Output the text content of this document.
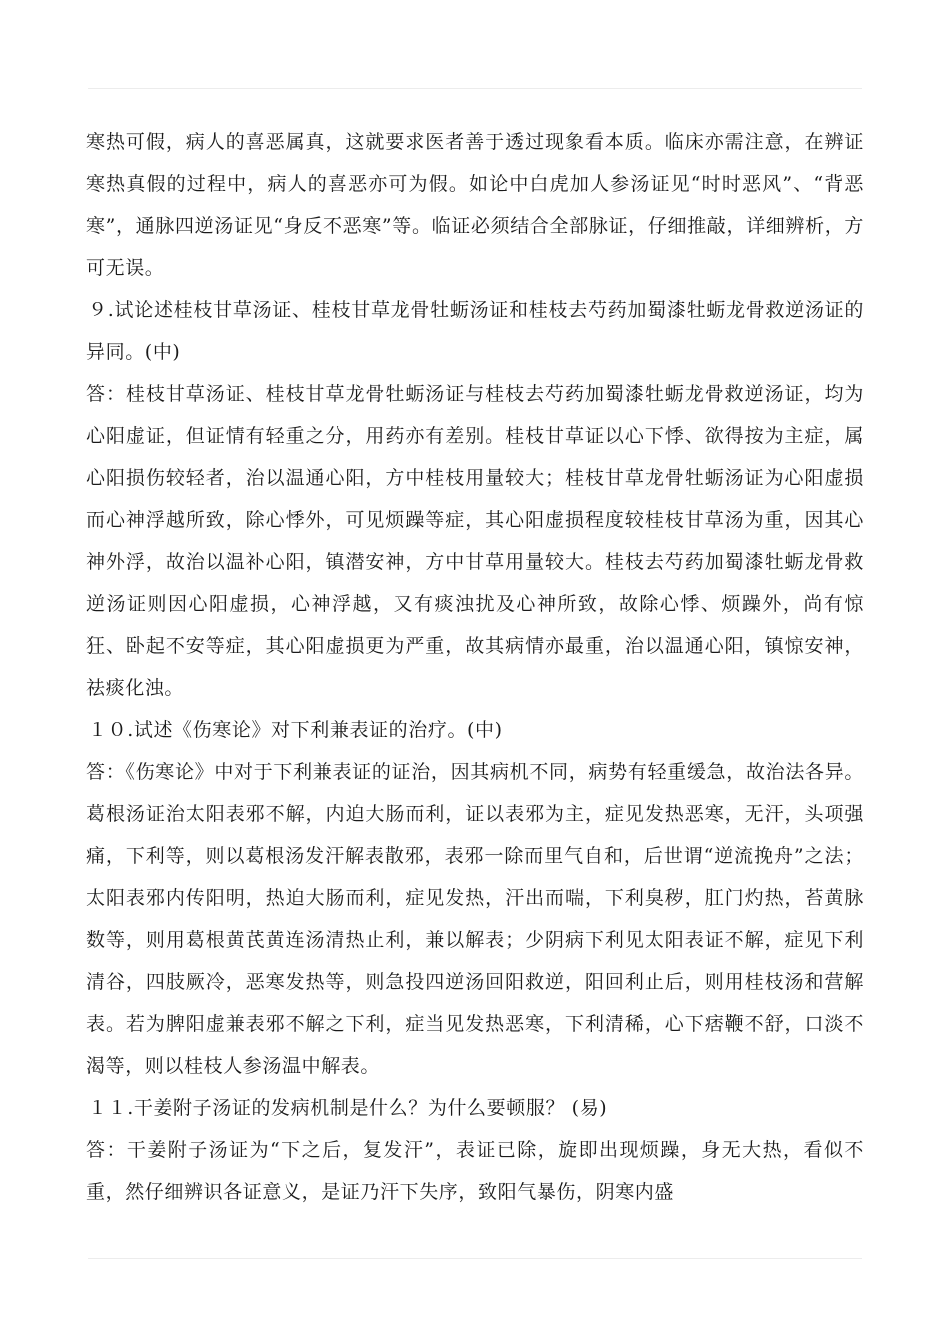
寒热可假，病人的喜恶属真，这就要求医者善于透过现象看本质。临床亦需注意，在辨证寒热真假的过程中，病人的喜恶亦可为假。如论中白虎加人参汤证见“时时恶风”、“背恶寒”，通脉四逆汤证见“身反不恶寒”等。临证必须结合全部脉证，仔细推敲，详细辨析，方可无误。

９.试论述桂枝甘草汤证、桂枝甘草龙骨牡蛎汤证和桂枝去芍药加蜀漆牡蛎龙骨救逆汤证的异同。(中)

答：桂枝甘草汤证、桂枝甘草龙骨牡蛎汤证与桂枝去芍药加蜀漆牡蛎龙骨救逆汤证，均为心阳虚证，但证情有轻重之分，用药亦有差别。桂枝甘草证以心下悸、欲得按为主症，属心阳损伤较轻者，治以温通心阳，方中桂枝用量较大；桂枝甘草龙骨牡蛎汤证为心阳虚损而心神浮越所致，除心悸外，可见烦躁等症，其心阳虚损程度较桂枝甘草汤为重，因其心神外浮，故治以温补心阳，镇潜安神，方中甘草用量较大。桂枝去芍药加蜀漆牡蛎龙骨救逆汤证则因心阳虚损，心神浮越，又有痰浊扰及心神所致，故除心悸、烦躁外，尚有惊狂、卧起不安等症，其心阳虚损更为严重，故其病情亦最重，治以温通心阳，镇惊安神，祛痰化浊。

１０.试述《伤寒论》对下利兼表证的治疗。(中)

答：《伤寒论》中对于下利兼表证的证治，因其病机不同，病势有轻重缓急，故治法各异。葛根汤证治太阳表邪不解，内迫大肠而利，证以表邪为主，症见发热恶寒，无汗，头项强痛，下利等，则以葛根汤发汗解表散邪，表邪一除而里气自和，后世谓“逆流挽舟”之法；太阳表邪内传阳明，热迫大肠而利，症见发热，汗出而喘，下利臭秽，肛门灼热，苔黄脉数等，则用葛根黄芪黄连汤清热止利，兼以解表；少阴病下利见太阳表证不解，症见下利清谷，四肢厥冷，恶寒发热等，则急投四逆汤回阳救逆，阳回利止后，则用桂枝汤和营解表。若为脾阳虚兼表邪不解之下利，症当见发热恶寒，下利清稀，心下痞鞭不舒，口淡不渴等，则以桂枝人参汤温中解表。

１１.干姜附子汤证的发病机制是什么？为什么要顿服？ (易)

答：干姜附子汤证为“下之后，复发汗”，表证已除，旋即出现烦躁，身无大热，看似不重，然仔细辨识各证意义，是证乃汗下失序，致阳气暴伤，阴寒内盛
